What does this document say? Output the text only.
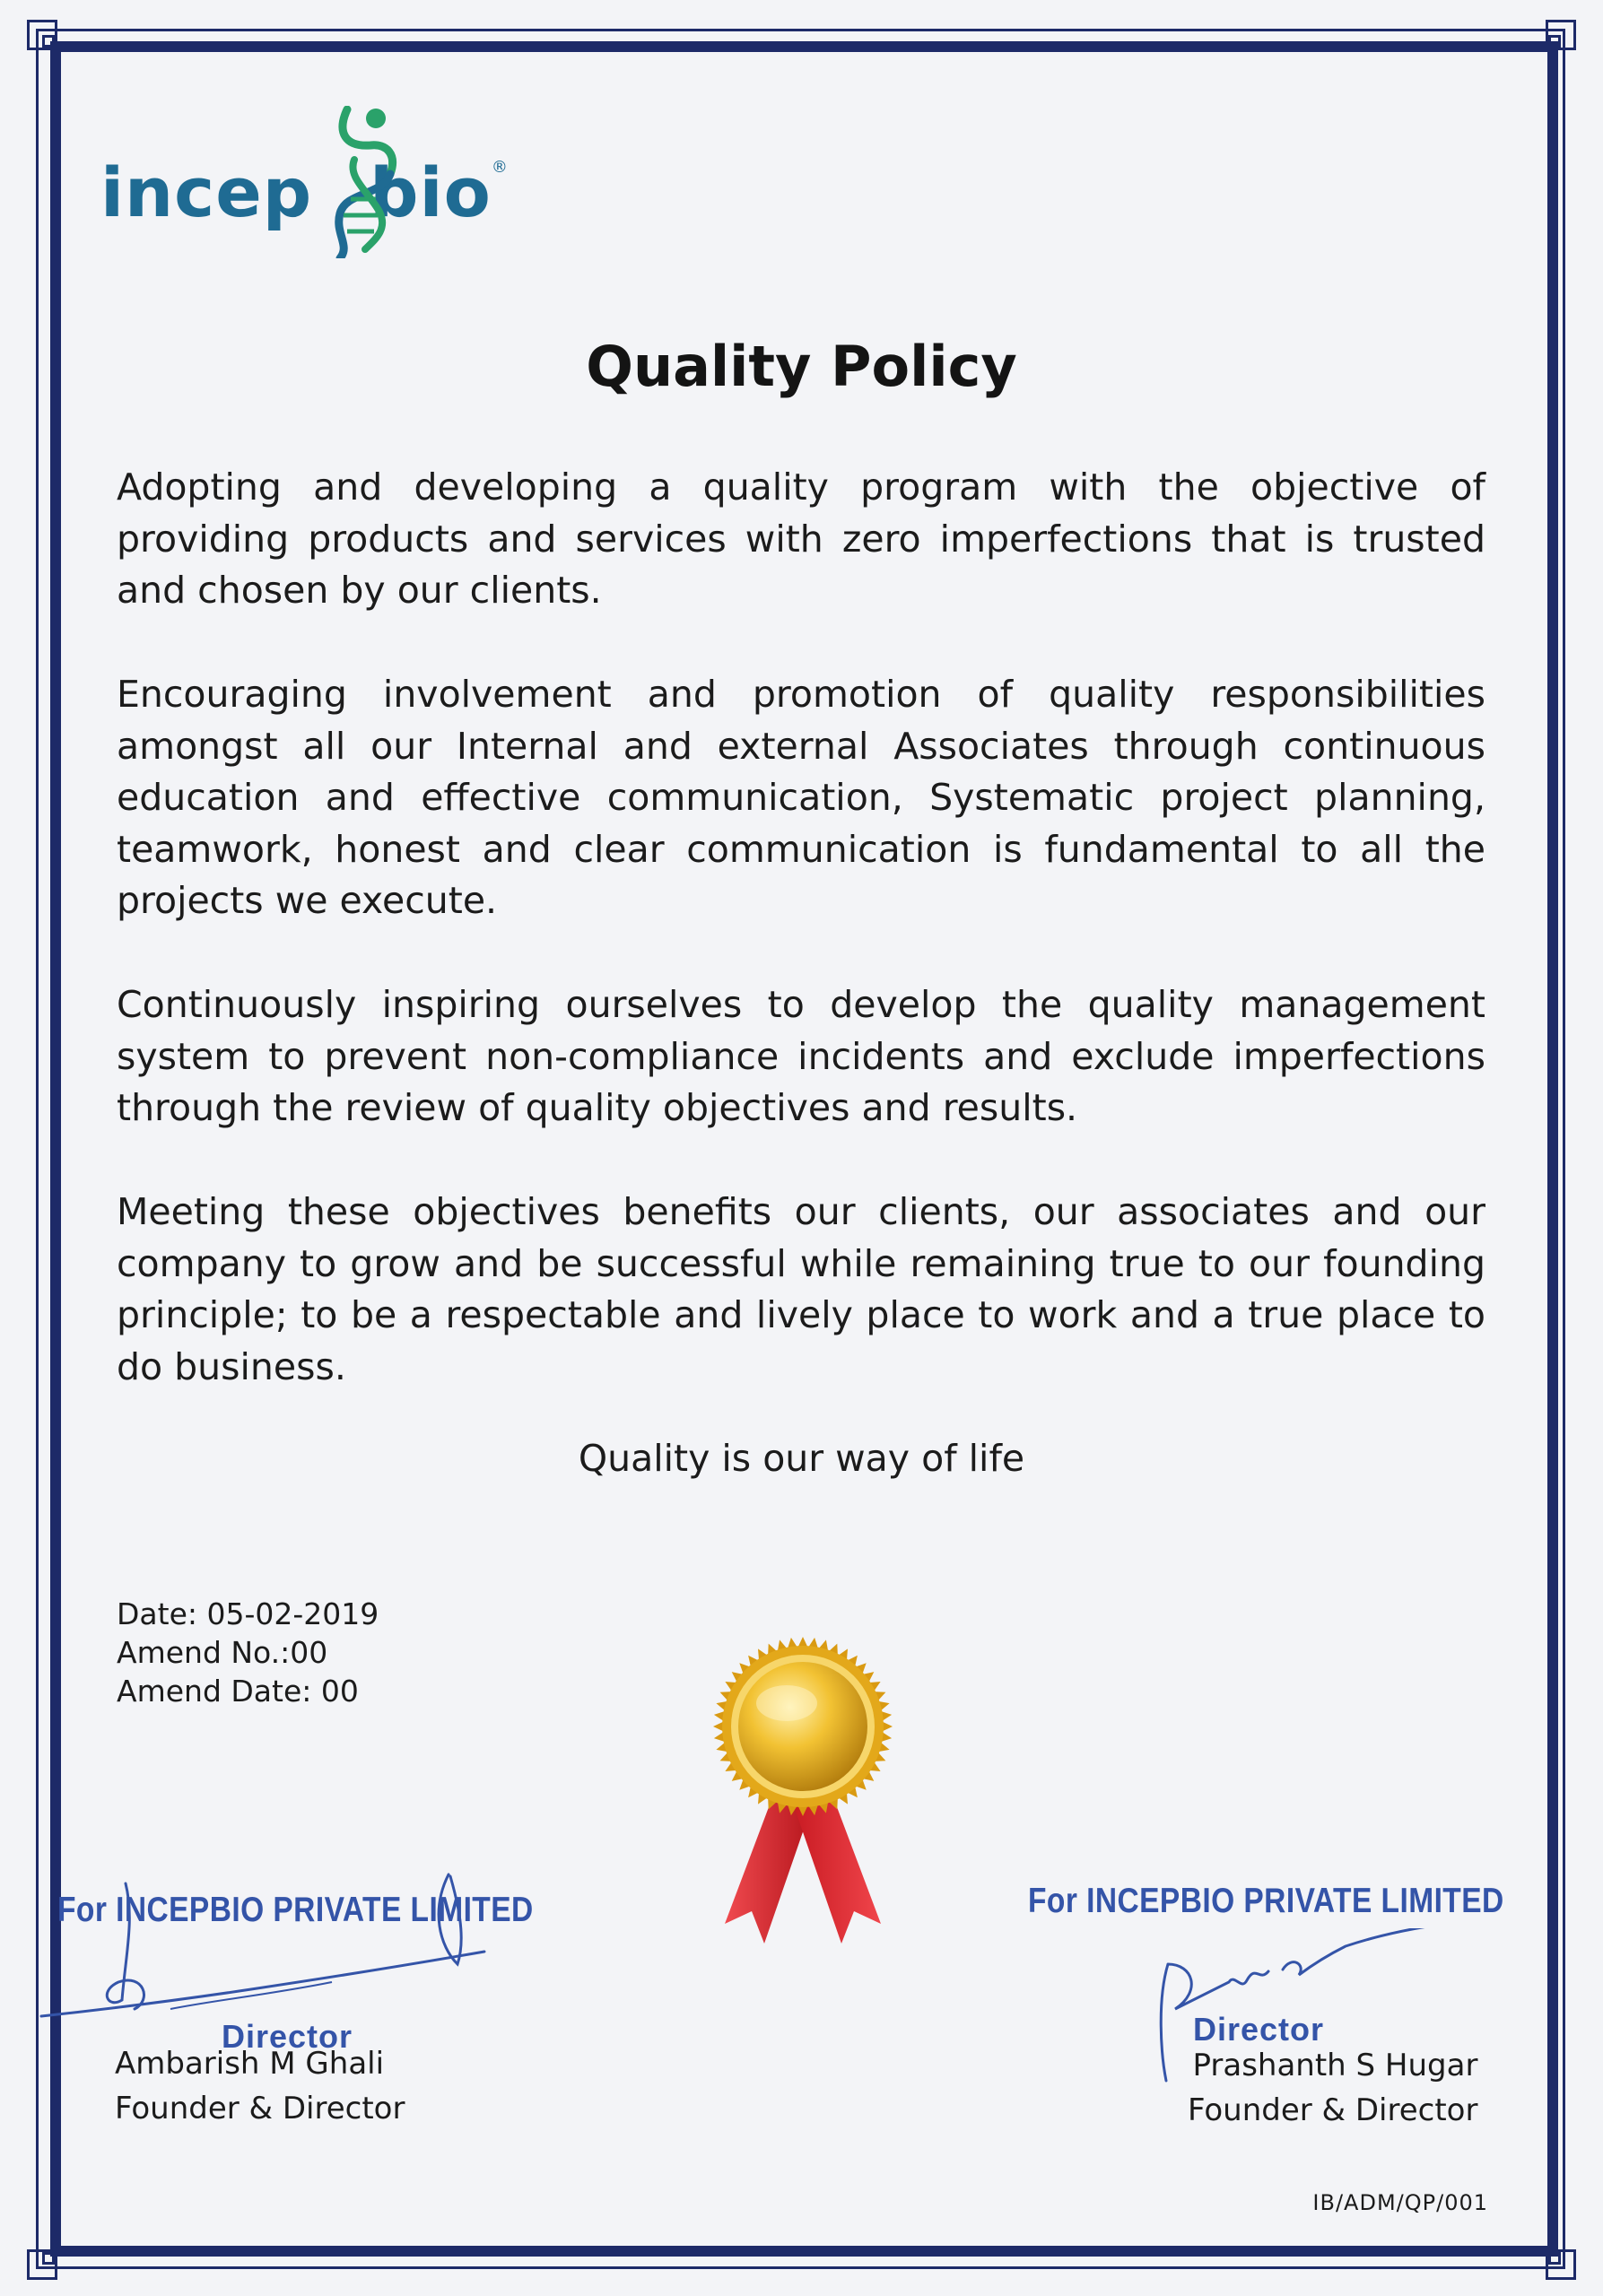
incep bio®
Quality Policy
Adopting and developing a quality program with the objective of providing products and services with zero imperfections that is trusted and chosen by our clients.
Encouraging involvement and promotion of quality responsibilities amongst all our Internal and external Associates through continuous education and effective communication, Systematic project planning, teamwork, honest and clear communication is fundamental to all the projects we execute.
Continuously inspiring ourselves to develop the quality management system to prevent non-compliance incidents and exclude imperfections through the review of quality objectives and results.
Meeting these objectives benefits our clients, our associates and our company to grow and be successful while remaining true to our founding principle; to be a respectable and lively place to work and a true place to do business.
Quality is our way of life
Date: 05-02-2019
Amend No.:00
Amend Date: 00
For INCEPBIO PRIVATE LIMITED
Director
Ambarish M Ghali
Founder & Director
For INCEPBIO PRIVATE LIMITED
Director
Prashanth S Hugar
Founder & Director
IB/ADM/QP/001
